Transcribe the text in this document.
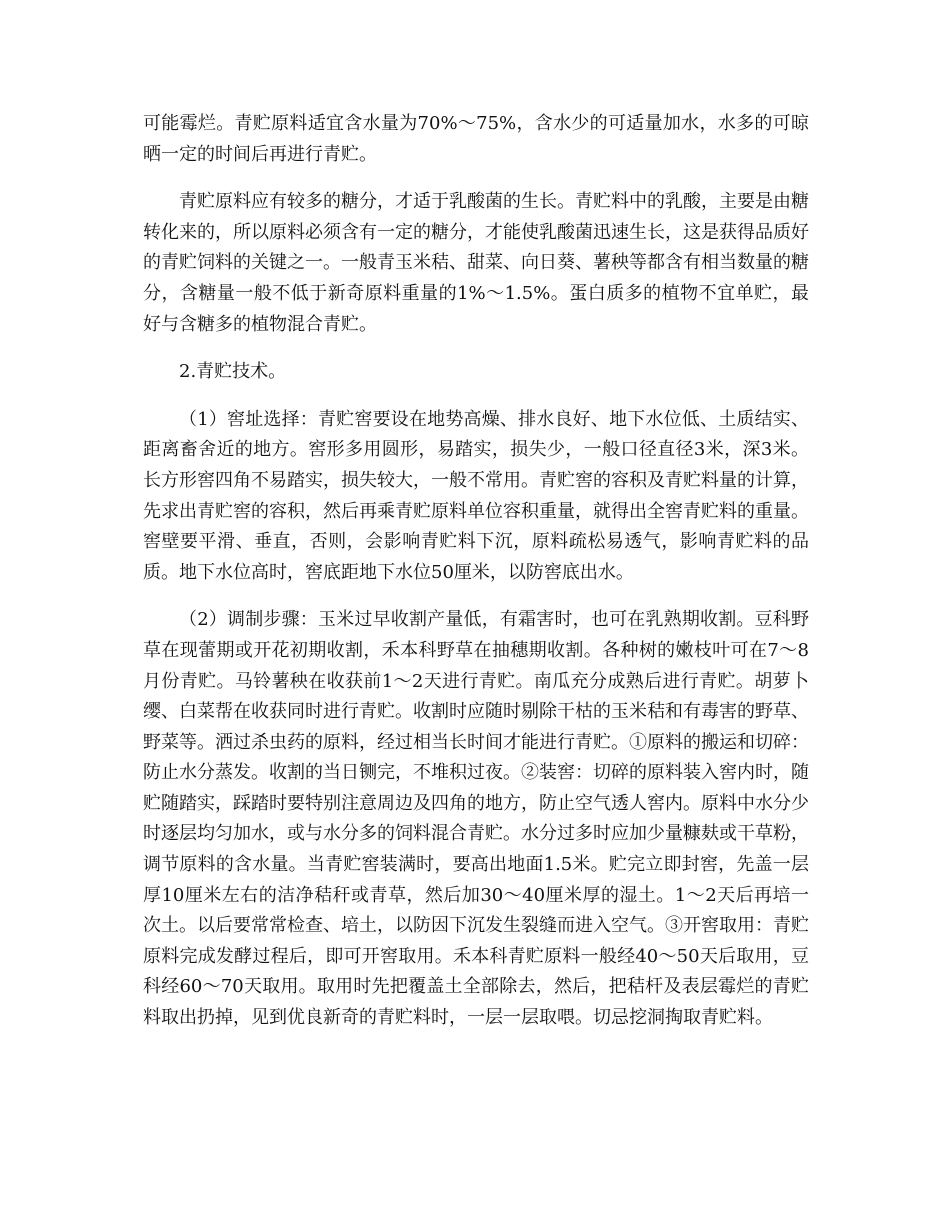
可能霉烂。青贮原料适宜含水量为70%～75%，含水少的可适量加水，水多的可晾晒一定的时间后再进行青贮。

青贮原料应有较多的糖分，才适于乳酸菌的生长。青贮料中的乳酸，主要是由糖转化来的，所以原料必须含有一定的糖分，才能使乳酸菌迅速生长，这是获得品质好的青贮饲料的关键之一。一般青玉米秸、甜菜、向日葵、薯秧等都含有相当数量的糖分，含糖量一般不低于新奇原料重量的1%～1.5%。蛋白质多的植物不宜单贮，最好与含糖多的植物混合青贮。

2.青贮技术。

（1）窖址选择：青贮窖要设在地势高燥、排水良好、地下水位低、土质结实、距离畜舍近的地方。窖形多用圆形，易踏实，损失少，一般口径直径3米，深3米。长方形窖四角不易踏实，损失较大，一般不常用。青贮窖的容积及青贮料量的计算，先求出青贮窖的容积，然后再乘青贮原料单位容积重量，就得出全窖青贮料的重量。窖壁要平滑、垂直，否则，会影响青贮料下沉，原料疏松易透气，影响青贮料的品质。地下水位高时，窖底距地下水位50厘米，以防窖底出水。

（2）调制步骤：玉米过早收割产量低，有霜害时，也可在乳熟期收割。豆科野草在现蕾期或开花初期收割，禾本科野草在抽穗期收割。各种树的嫩枝叶可在7～8月份青贮。马铃薯秧在收获前1～2天进行青贮。南瓜充分成熟后进行青贮。胡萝卜缨、白菜帮在收获同时进行青贮。收割时应随时剔除干枯的玉米秸和有毒害的野草、野菜等。洒过杀虫药的原料，经过相当长时间才能进行青贮。①原料的搬运和切碎：防止水分蒸发。收割的当日铡完，不堆积过夜。②装窖：切碎的原料装入窖内时，随贮随踏实，踩踏时要特别注意周边及四角的地方，防止空气透人窖内。原料中水分少时逐层均匀加水，或与水分多的饲料混合青贮。水分过多时应加少量糠麸或干草粉，调节原料的含水量。当青贮窖装满时，要高出地面1.5米。贮完立即封窖，先盖一层厚10厘米左右的洁净秸秆或青草，然后加30～40厘米厚的湿土。1～2天后再培一次土。以后要常常检查、培土，以防因下沉发生裂缝而进入空气。③开窖取用：青贮原料完成发酵过程后，即可开窖取用。禾本科青贮原料一般经40～50天后取用，豆科经60～70天取用。取用时先把覆盖土全部除去，然后，把秸杆及表层霉烂的青贮料取出扔掉，见到优良新奇的青贮料时，一层一层取喂。切忌挖洞掏取青贮料。
